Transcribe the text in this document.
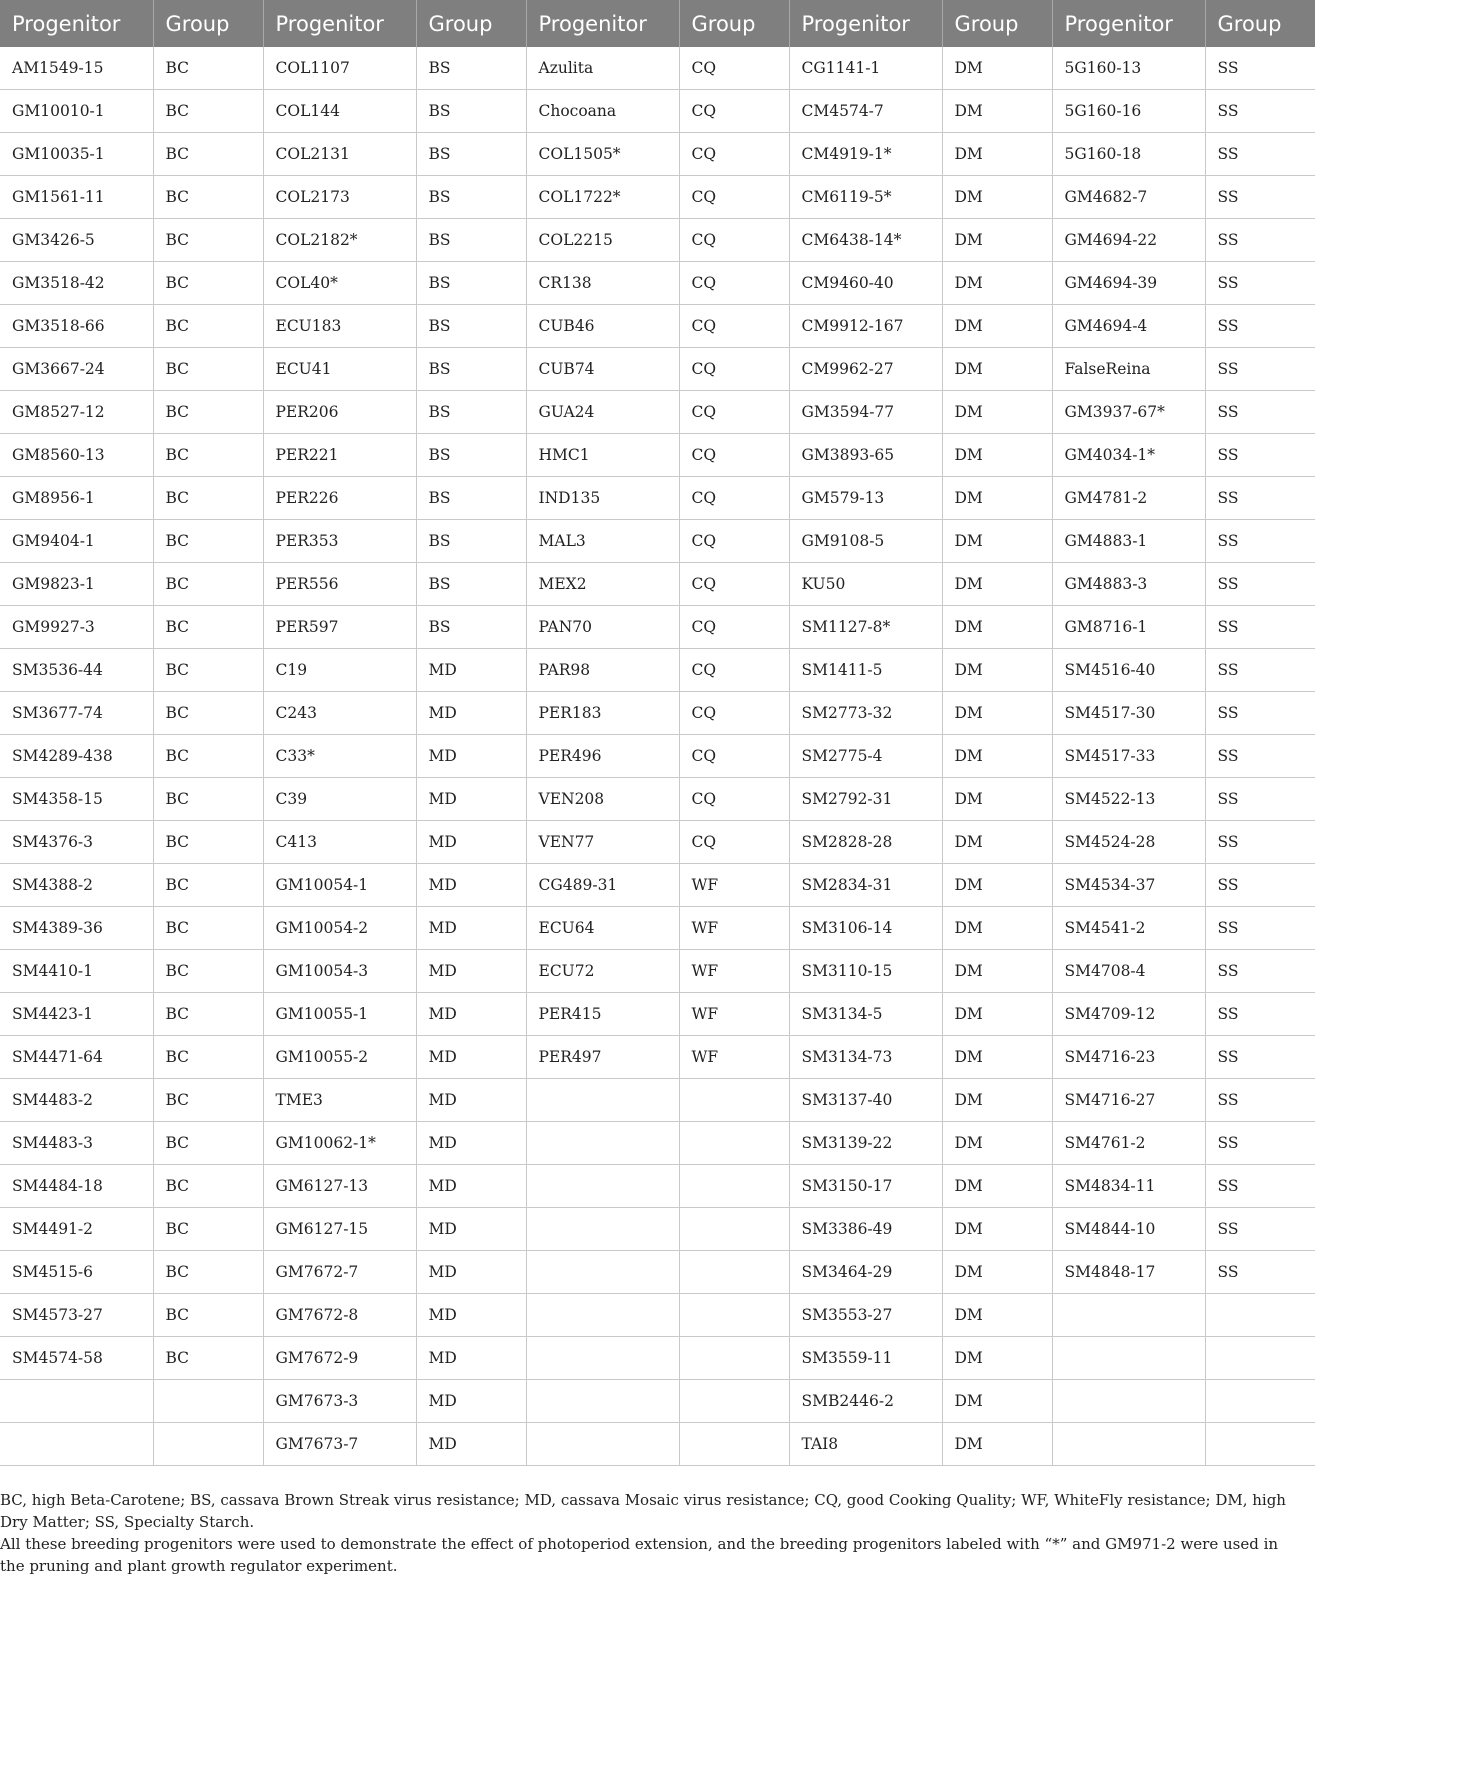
Progenitor	Group	Progenitor	Group	Progenitor	Group	Progenitor	Group	Progenitor	Group
AM1549-15	BC	COL1107	BS	Azulita	CQ	CG1141-1	DM	5G160-13	SS
GM10010-1	BC	COL144	BS	Chocoana	CQ	CM4574-7	DM	5G160-16	SS
GM10035-1	BC	COL2131	BS	COL1505*	CQ	CM4919-1*	DM	5G160-18	SS
GM1561-11	BC	COL2173	BS	COL1722*	CQ	CM6119-5*	DM	GM4682-7	SS
GM3426-5	BC	COL2182*	BS	COL2215	CQ	CM6438-14*	DM	GM4694-22	SS
GM3518-42	BC	COL40*	BS	CR138	CQ	CM9460-40	DM	GM4694-39	SS
GM3518-66	BC	ECU183	BS	CUB46	CQ	CM9912-167	DM	GM4694-4	SS
GM3667-24	BC	ECU41	BS	CUB74	CQ	CM9962-27	DM	FalseReina	SS
GM8527-12	BC	PER206	BS	GUA24	CQ	GM3594-77	DM	GM3937-67*	SS
GM8560-13	BC	PER221	BS	HMC1	CQ	GM3893-65	DM	GM4034-1*	SS
GM8956-1	BC	PER226	BS	IND135	CQ	GM579-13	DM	GM4781-2	SS
GM9404-1	BC	PER353	BS	MAL3	CQ	GM9108-5	DM	GM4883-1	SS
GM9823-1	BC	PER556	BS	MEX2	CQ	KU50	DM	GM4883-3	SS
GM9927-3	BC	PER597	BS	PAN70	CQ	SM1127-8*	DM	GM8716-1	SS
SM3536-44	BC	C19	MD	PAR98	CQ	SM1411-5	DM	SM4516-40	SS
SM3677-74	BC	C243	MD	PER183	CQ	SM2773-32	DM	SM4517-30	SS
SM4289-438	BC	C33*	MD	PER496	CQ	SM2775-4	DM	SM4517-33	SS
SM4358-15	BC	C39	MD	VEN208	CQ	SM2792-31	DM	SM4522-13	SS
SM4376-3	BC	C413	MD	VEN77	CQ	SM2828-28	DM	SM4524-28	SS
SM4388-2	BC	GM10054-1	MD	CG489-31	WF	SM2834-31	DM	SM4534-37	SS
SM4389-36	BC	GM10054-2	MD	ECU64	WF	SM3106-14	DM	SM4541-2	SS
SM4410-1	BC	GM10054-3	MD	ECU72	WF	SM3110-15	DM	SM4708-4	SS
SM4423-1	BC	GM10055-1	MD	PER415	WF	SM3134-5	DM	SM4709-12	SS
SM4471-64	BC	GM10055-2	MD	PER497	WF	SM3134-73	DM	SM4716-23	SS
SM4483-2	BC	TME3	MD			SM3137-40	DM	SM4716-27	SS
SM4483-3	BC	GM10062-1*	MD			SM3139-22	DM	SM4761-2	SS
SM4484-18	BC	GM6127-13	MD			SM3150-17	DM	SM4834-11	SS
SM4491-2	BC	GM6127-15	MD			SM3386-49	DM	SM4844-10	SS
SM4515-6	BC	GM7672-7	MD			SM3464-29	DM	SM4848-17	SS
SM4573-27	BC	GM7672-8	MD			SM3553-27	DM		
SM4574-58	BC	GM7672-9	MD			SM3559-11	DM		
		GM7673-3	MD			SMB2446-2	DM		
		GM7673-7	MD			TAI8	DM		

BC, high Beta-Carotene; BS, cassava Brown Streak virus resistance; MD, cassava Mosaic virus resistance; CQ, good Cooking Quality; WF, WhiteFly resistance; DM, high Dry Matter; SS, Specialty Starch.

All these breeding progenitors were used to demonstrate the effect of photoperiod extension, and the breeding progenitors labeled with “*” and GM971-2 were used in the pruning and plant growth regulator experiment.
